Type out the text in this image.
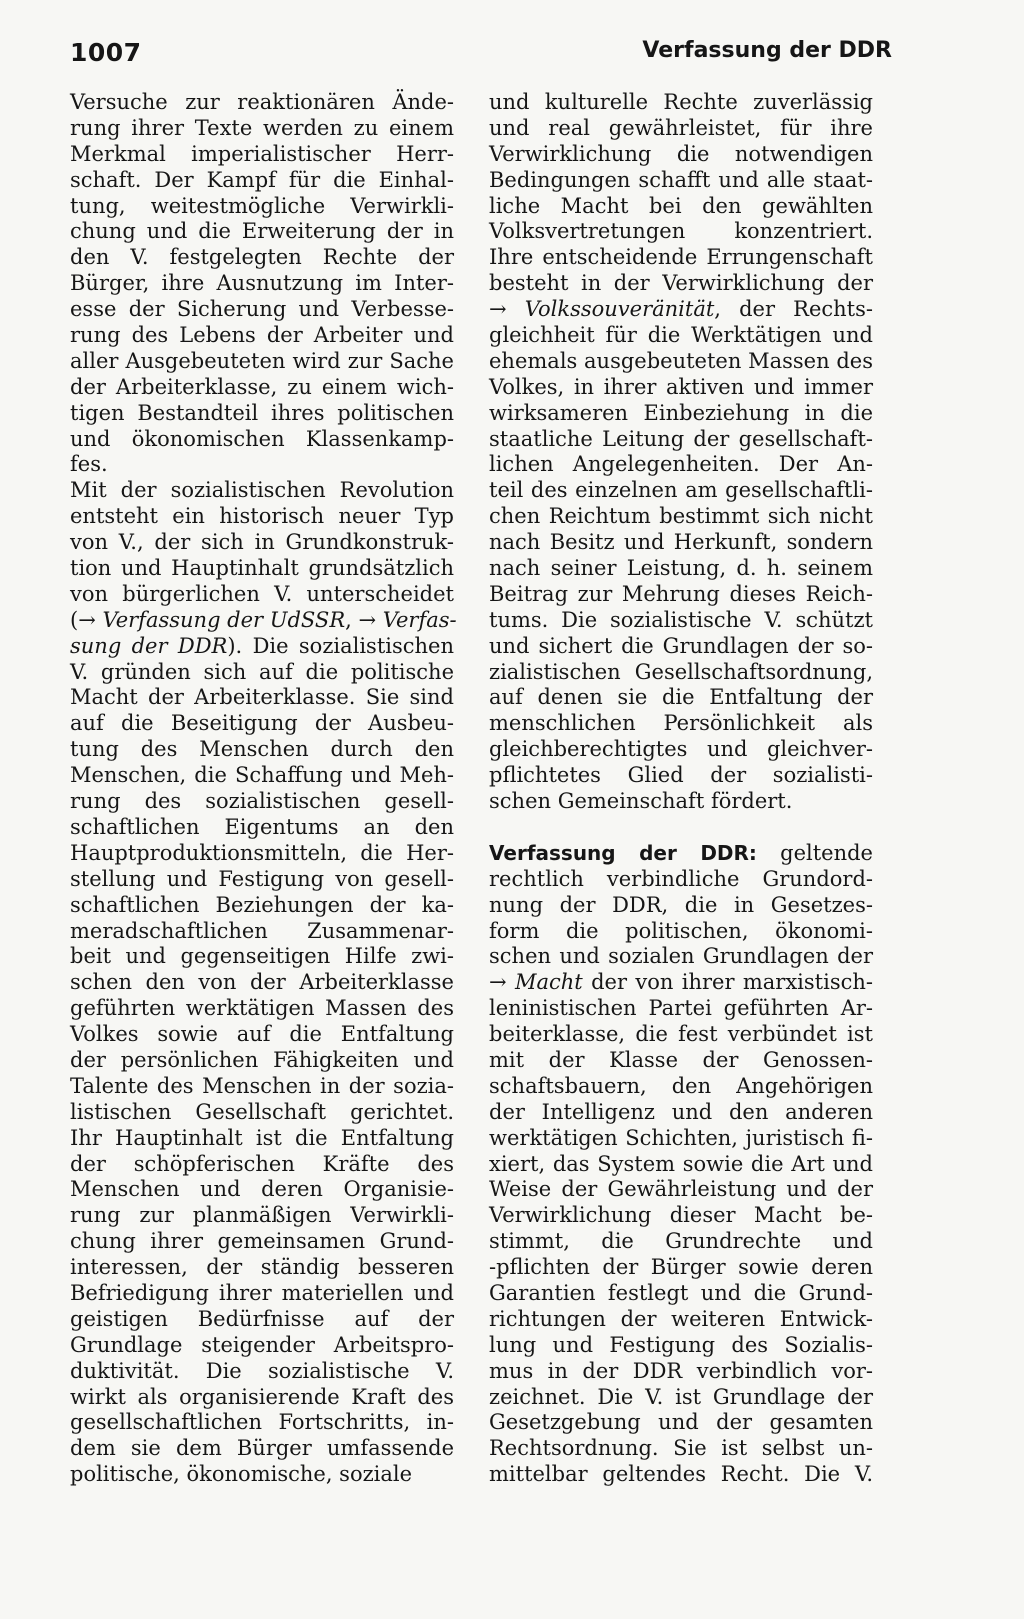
1007	Verfassung der DDR
Versuche zur reaktionären Ände-
rung ihrer Texte werden zu einem
Merkmal imperialistischer Herr-
schaft. Der Kampf für die Einhal-
tung, weitestmögliche Verwirkli-
chung und die Erweiterung der in
den V. festgelegten Rechte der
Bürger, ihre Ausnutzung im Inter-
esse der Sicherung und Verbesse-
rung des Lebens der Arbeiter und
aller Ausgebeuteten wird zur Sache
der Arbeiterklasse, zu einem wich-
tigen Bestandteil ihres politischen
und ökonomischen Klassenkamp-
fes.
Mit der sozialistischen Revolution
entsteht ein historisch neuer Typ
von V., der sich in Grundkonstruk-
tion und Hauptinhalt grundsätzlich
von bürgerlichen V. unterscheidet
(→ Verfassung der UdSSR, → Verfas-
sung der DDR). Die sozialistischen
V. gründen sich auf die politische
Macht der Arbeiterklasse. Sie sind
auf die Beseitigung der Ausbeu-
tung des Menschen durch den
Menschen, die Schaffung und Meh-
rung des sozialistischen gesell-
schaftlichen Eigentums an den
Hauptproduktionsmitteln, die Her-
stellung und Festigung von gesell-
schaftlichen Beziehungen der ka-
meradschaftlichen Zusammenar-
beit und gegenseitigen Hilfe zwi-
schen den von der Arbeiterklasse
geführten werktätigen Massen des
Volkes sowie auf die Entfaltung
der persönlichen Fähigkeiten und
Talente des Menschen in der sozia-
listischen Gesellschaft gerichtet.
Ihr Hauptinhalt ist die Entfaltung
der schöpferischen Kräfte des
Menschen und deren Organisie-
rung zur planmäßigen Verwirkli-
chung ihrer gemeinsamen Grund-
interessen, der ständig besseren
Befriedigung ihrer materiellen und
geistigen Bedürfnisse auf der
Grundlage steigender Arbeitspro-
duktivität. Die sozialistische V.
wirkt als organisierende Kraft des
gesellschaftlichen Fortschritts, in-
dem sie dem Bürger umfassende
politische, ökonomische, soziale
und kulturelle Rechte zuverlässig
und real gewährleistet, für ihre
Verwirklichung die notwendigen
Bedingungen schafft und alle staat-
liche Macht bei den gewählten
Volksvertretungen konzentriert.
Ihre entscheidende Errungenschaft
besteht in der Verwirklichung der
→ Volkssouveränität, der Rechts-
gleichheit für die Werktätigen und
ehemals ausgebeuteten Massen des
Volkes, in ihrer aktiven und immer
wirksameren Einbeziehung in die
staatliche Leitung der gesellschaft-
lichen Angelegenheiten. Der An-
teil des einzelnen am gesellschaftli-
chen Reichtum bestimmt sich nicht
nach Besitz und Herkunft, sondern
nach seiner Leistung, d. h. seinem
Beitrag zur Mehrung dieses Reich-
tums. Die sozialistische V. schützt
und sichert die Grundlagen der so-
zialistischen Gesellschaftsordnung,
auf denen sie die Entfaltung der
menschlichen Persönlichkeit als
gleichberechtigtes und gleichver-
pflichtetes Glied der sozialisti-
schen Gemeinschaft fördert.
Verfassung der DDR: geltende
rechtlich verbindliche Grundord-
nung der DDR, die in Gesetzes-
form die politischen, ökonomi-
schen und sozialen Grundlagen der
→ Macht der von ihrer marxistisch-
leninistischen Partei geführten Ar-
beiterklasse, die fest verbündet ist
mit der Klasse der Genossen-
schaftsbauern, den Angehörigen
der Intelligenz und den anderen
werktätigen Schichten, juristisch fi-
xiert, das System sowie die Art und
Weise der Gewährleistung und der
Verwirklichung dieser Macht be-
stimmt, die Grundrechte und
-pflichten der Bürger sowie deren
Garantien festlegt und die Grund-
richtungen der weiteren Entwick-
lung und Festigung des Sozialis-
mus in der DDR verbindlich vor-
zeichnet. Die V. ist Grundlage der
Gesetzgebung und der gesamten
Rechtsordnung. Sie ist selbst un-
mittelbar geltendes Recht. Die V.
